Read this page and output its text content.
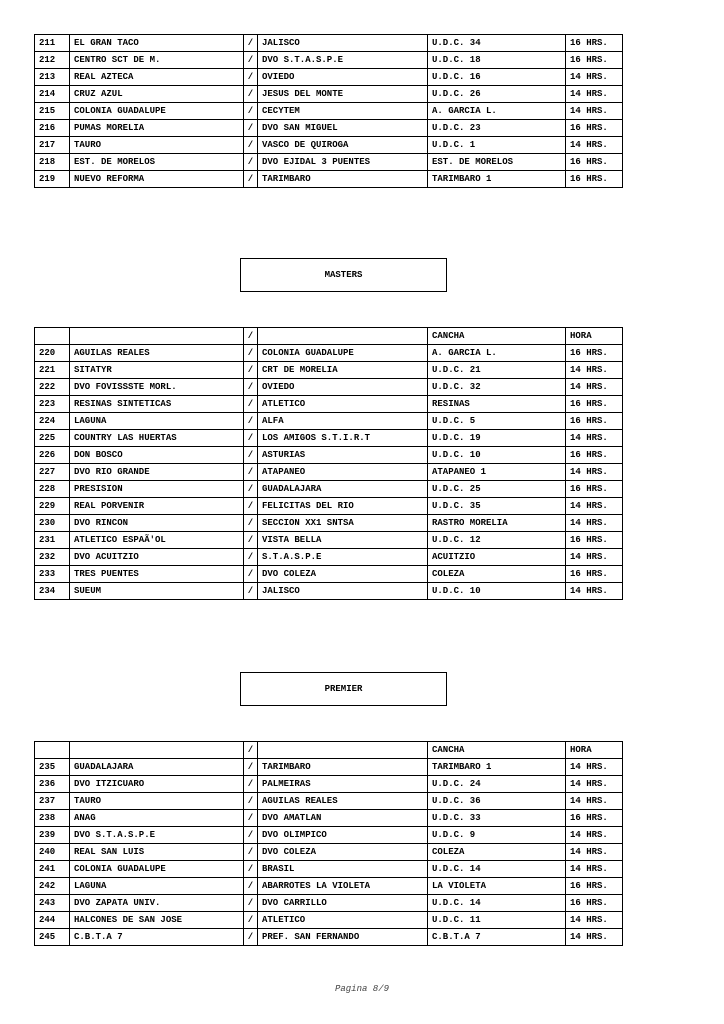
211	EL GRAN TACO	/	JALISCO	U.D.C. 34	16 HRS.
212	CENTRO SCT DE M.	/	DVO S.T.A.S.P.E	U.D.C. 18	16 HRS.
213	REAL AZTECA	/	OVIEDO	U.D.C. 16	14 HRS.
214	CRUZ AZUL	/	JESUS DEL MONTE	U.D.C. 26	14 HRS.
215	COLONIA GUADALUPE	/	CECYTEM	A. GARCIA L.	14 HRS.
216	PUMAS MORELIA	/	DVO SAN MIGUEL	U.D.C. 23	16 HRS.
217	TAURO	/	VASCO DE QUIROGA	U.D.C. 1	14 HRS.
218	EST. DE MORELOS	/	DVO EJIDAL 3 PUENTES	EST. DE MORELOS	16 HRS.
219	NUEVO REFORMA	/	TARIMBARO	TARIMBARO 1	16 HRS.
MASTERS
		/		CANCHA	HORA
220	AGUILAS REALES	/	COLONIA GUADALUPE	A. GARCIA L.	16 HRS.
221	SITATYR	/	CRT DE MORELIA	U.D.C. 21	14 HRS.
222	DVO FOVISSSTE MORL.	/	OVIEDO	U.D.C. 32	14 HRS.
223	RESINAS SINTETICAS	/	ATLETICO	RESINAS	16 HRS.
224	LAGUNA	/	ALFA	U.D.C. 5	16 HRS.
225	COUNTRY LAS HUERTAS	/	LOS AMIGOS S.T.I.R.T	U.D.C. 19	14 HRS.
226	DON BOSCO	/	ASTURIAS	U.D.C. 10	16 HRS.
227	DVO RIO GRANDE	/	ATAPANEO	ATAPANEO 1	14 HRS.
228	PRESISION	/	GUADALAJARA	U.D.C. 25	16 HRS.
229	REAL PORVENIR	/	FELICITAS DEL RIO	U.D.C. 35	14 HRS.
230	DVO RINCON	/	SECCION XX1 SNTSA	RASTRO MORELIA	14 HRS.
231	ATLETICO ESPAÃ'OL	/	VISTA BELLA	U.D.C. 12	16 HRS.
232	DVO ACUITZIO	/	S.T.A.S.P.E	ACUITZIO	14 HRS.
233	TRES PUENTES	/	DVO COLEZA	COLEZA	16 HRS.
234	SUEUM	/	JALISCO	U.D.C. 10	14 HRS.
PREMIER
		/		CANCHA	HORA
235	GUADALAJARA	/	TARIMBARO	TARIMBARO 1	14 HRS.
236	DVO ITZICUARO	/	PALMEIRAS	U.D.C. 24	14 HRS.
237	TAURO	/	AGUILAS REALES	U.D.C. 36	14 HRS.
238	ANAG	/	DVO AMATLAN	U.D.C. 33	16 HRS.
239	DVO S.T.A.S.P.E	/	DVO OLIMPICO	U.D.C. 9	14 HRS.
240	REAL SAN LUIS	/	DVO COLEZA	COLEZA	14 HRS.
241	COLONIA GUADALUPE	/	BRASIL	U.D.C. 14	14 HRS.
242	LAGUNA	/	ABARROTES LA VIOLETA	LA VIOLETA	16 HRS.
243	DVO ZAPATA UNIV.	/	DVO CARRILLO	U.D.C. 14	16 HRS.
244	HALCONES DE SAN JOSE	/	ATLETICO	U.D.C. 11	14 HRS.
245	C.B.T.A 7	/	PREF. SAN FERNANDO	C.B.T.A 7	14 HRS.
Pagina 8/9
